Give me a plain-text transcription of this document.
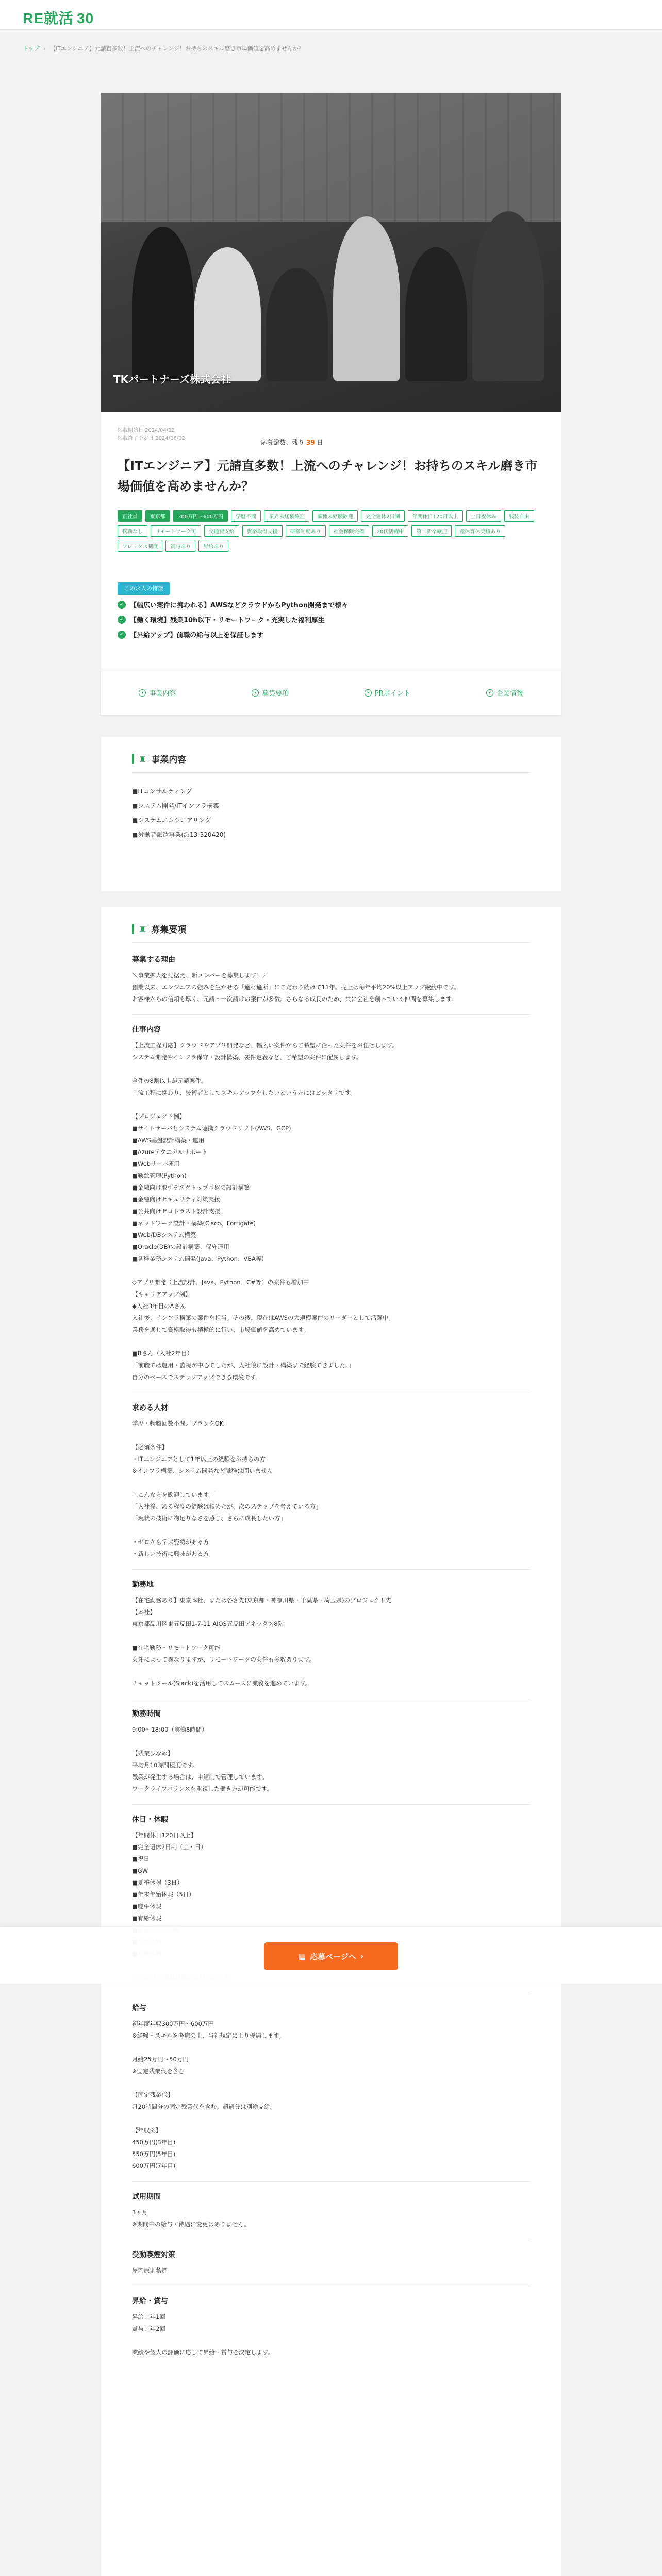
RE就活 30
トップ › 【ITエンジニア】元請直多数！上流へのチャレンジ！お持ちのスキル磨き市場価値を高めませんか？
TKパートナーズ株式会社
掲載開始日 2024/04/02
掲載終了予定日 2024/06/02
応募総数：残り 39 日
【ITエンジニア】元請直多数！上流へのチャレンジ！お持ちのスキル磨き市場価値を高めませんか？
正社員	東京都	300万円〜600万円	学歴不問	業界未経験歓迎	職種未経験歓迎	完全週休2日制	年間休日120日以上	土日祝休み	服装自由
転勤なし	リモートワーク可	交通費支給	資格取得支援	研修制度あり	社会保険完備	20代活躍中	第二新卒歓迎	産休育休実績あり
フレックス制度	賞与あり	昇給あり
この求人の特徴
✓ 【幅広い案件に携われる】AWSなどクラウドからPython開発まで様々
✓ 【働く環境】残業10h以下・リモートワーク・充実した福利厚生
✓ 【昇給アップ】前職の給与以上を保証します
▾ 事業内容	▾ 募集要項	▾ PRポイント	▾ 企業情報
▣ 事業内容
■ITコンサルティング
■システム開発/ITインフラ構築
■システムエンジニアリング
■労働者派遣事業(派13-320420)
▣ 募集要項
募集する理由
＼事業拡大を見据え、新メンバーを募集します！／
創業以来、エンジニアの強みを生かせる「適材適所」にこだわり続けて11年。売上は毎年平均20%以上アップ継続中です。
お客様からの信頼も厚く、元請・一次請けの案件が多数。さらなる成長のため、共に会社を創っていく仲間を募集します。
仕事内容
【上流工程対応】クラウドやアプリ開発など、幅広い案件からご希望に沿った案件をお任せします。
システム開発やインフラ保守・設計構築、要件定義など、ご希望の案件に配属します。

全件の8割以上が元請案件。
上流工程に携わり、技術者としてスキルアップをしたいという方にはピッタリです。

【プロジェクト例】
■サイトサーバとシステム連携クラウドリフト(AWS、GCP)
■AWS基盤設計構築・運用
■Azureテクニカルサポート
■Webサーバ運用
■勤怠管理(Python)
■金融向け取引デスクトップ基盤の設計構築
■金融向けセキュリティ対策支援
■公共向けゼロトラスト設計支援
■ネットワーク設計・構築(Cisco、Fortigate)
■Web/DBシステム構築
■Oracle(DB)の設計構築、保守運用
■各種業務システム開発(Java、Python、VBA等)

◇アプリ開発（上流設計、Java、Python、C#等）の案件も増加中
【キャリアアップ例】
◆入社3年目のAさん
入社後、インフラ構築の案件を担当。その後、現在はAWSの大規模案件のリーダーとして活躍中。
業務を通じて資格取得も積極的に行い、市場価値を高めています。

■Bさん（入社2年目）
「前職では運用・監視が中心でしたが、入社後に設計・構築まで経験できました。」
自分のペースでステップアップできる環境です。
求める人材
学歴・転職回数不問／ブランクOK

【必須条件】
・ITエンジニアとして1年以上の経験をお持ちの方
※インフラ構築、システム開発など職種は問いません

＼こんな方を歓迎しています／
「入社後、ある程度の経験は積めたが、次のステップを考えている方」
「現状の技術に物足りなさを感じ、さらに成長したい方」

・ゼロから学ぶ姿勢がある方
・新しい技術に興味がある方
勤務地
【在宅勤務あり】東京本社、または各客先(東京都・神奈川県・千葉県・埼玉県)のプロジェクト先
【本社】
東京都品川区東五反田1-7-11 AIOS五反田アネックス8階

■在宅勤務・リモートワーク可能
案件によって異なりますが、リモートワークの案件も多数あります。

チャットツール(Slack)を活用してスムーズに業務を進めています。
勤務時間
9:00〜18:00（実働8時間）

【残業少なめ】
平均月10時間程度です。
残業が発生する場合は、申請制で管理しています。
ワークライフバランスを重視した働き方が可能です。
休日・休暇
【年間休日120日以上】
■完全週休2日制（土・日）
■祝日
■GW
■夏季休暇（3日）
■年末年始休暇（5日）
■慶弔休暇
■有給休暇

給与
初年度年収300万円〜600万円
※経験・スキルを考慮の上、当社規定により優遇します。

月給25万円〜50万円
※固定残業代を含む

【固定残業代】
月20時間分の固定残業代を含む。超過分は別途支給。

【年収例】
450万円(3年目)
550万円(5年目)
600万円(7年目)
試用期間
3ヶ月
※期間中の給与・待遇に変更はありません。
受動喫煙対策
屋内原則禁煙
昇給・賞与
昇給：年1回
賞与：年2回

業績や個人の評価に応じて昇給・賞与を決定します。
▤ 応募ページへ ›
